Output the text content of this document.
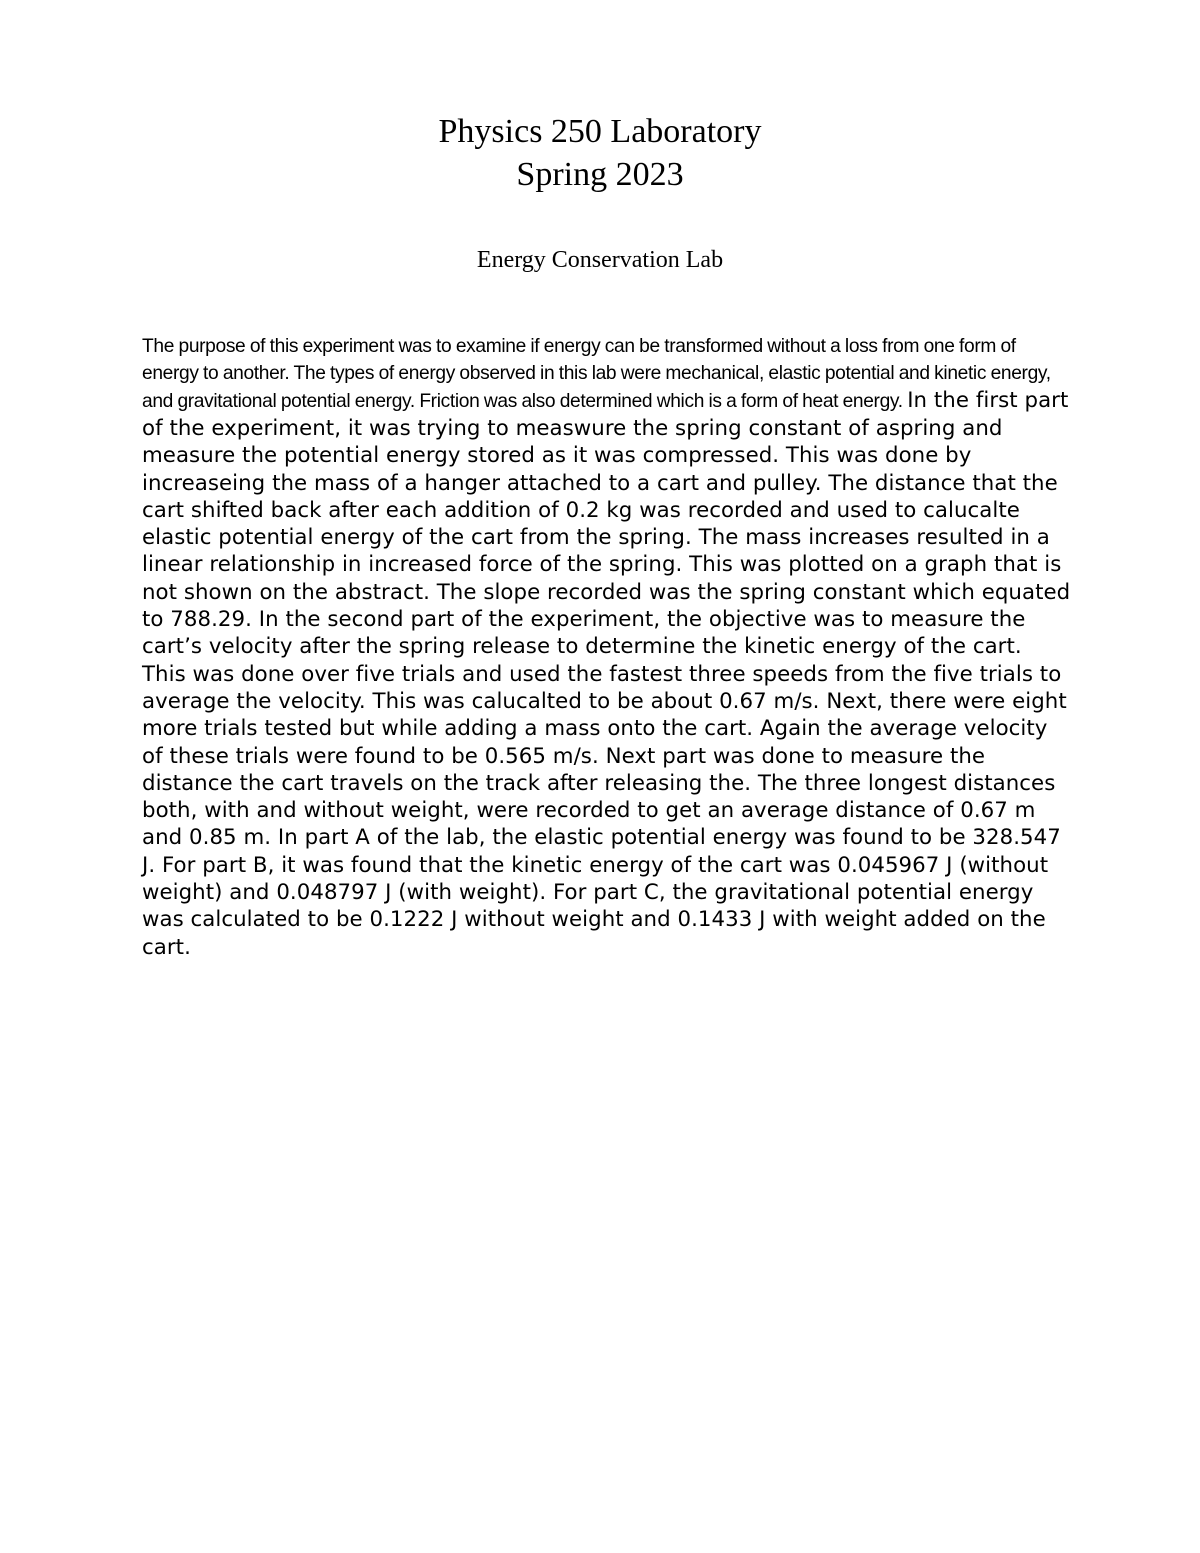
Physics 250 Laboratory
Spring 2023
Energy Conservation Lab
The purpose of this experiment was to examine if energy can be transformed without a loss from one form of energy to another. The types of energy observed in this lab were mechanical, elastic potential and kinetic energy, and gravitational potential energy. Friction was also determined which is a form of heat energy. In the first part of the experiment, it was trying to measwure the spring constant of aspring and measure the potential energy stored as it was compressed. This was done by increaseing the mass of a hanger attached to a cart and pulley. The distance that the cart shifted back after each addition of 0.2 kg was recorded and used to calucalte elastic potential energy of the cart from the spring. The mass increases resulted in a linear relationship in increased force of the spring. This was plotted on a graph that is not shown on the abstract. The slope recorded was the spring constant which equated to 788.29. In the second part of the experiment, the objective was to measure the cart’s velocity after the spring release to determine the kinetic energy of the cart. This was done over five trials and used the fastest three speeds from the five trials to average the velocity. This was calucalted to be about 0.67 m/s. Next, there were eight more trials tested but while adding a mass onto the cart. Again the average velocity of these trials were found to be 0.565 m/s. Next part was done to measure the distance the cart travels on the track after releasing the. The three longest distances both, with and without weight, were recorded to get an average distance of 0.67 m and 0.85 m. In part A of the lab, the elastic potential energy was found to be 328.547 J. For part B, it was found that the kinetic energy of the cart was 0.045967 J (without weight) and 0.048797 J (with weight). For part C, the gravitational potential energy was calculated to be 0.1222 J without weight and 0.1433 J with weight added on the cart.
